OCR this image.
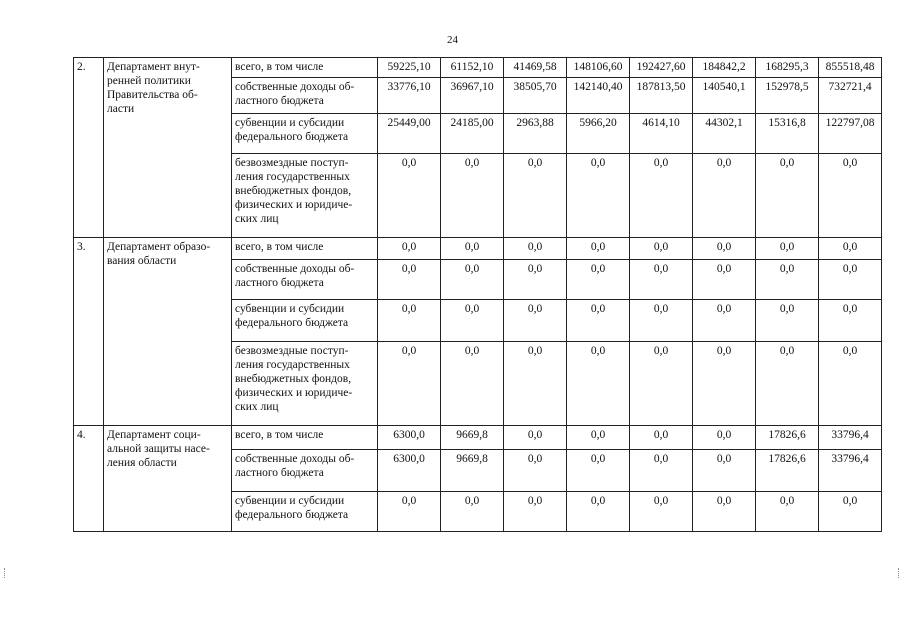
24
2.	Департамент внут-
ренней политики
Правительства об-
ласти	всего, в том числе	59225,10	61152,10	41469,58	148106,60	192427,60	184842,2	168295,3	855518,48
		собственные доходы об-
ластного бюджета	33776,10	36967,10	38505,70	142140,40	187813,50	140540,1	152978,5	732721,4
		субвенции и субсидии
федерального бюджета	25449,00	24185,00	2963,88	5966,20	4614,10	44302,1	15316,8	122797,08
		безвозмездные поступ-
ления государственных
внебюджетных фондов,
физических и юридиче-
ских лиц	0,0	0,0	0,0	0,0	0,0	0,0	0,0	0,0
3.	Департамент образо-
вания области	всего, в том числе	0,0	0,0	0,0	0,0	0,0	0,0	0,0	0,0
		собственные доходы об-
ластного бюджета	0,0	0,0	0,0	0,0	0,0	0,0	0,0	0,0
		субвенции и субсидии
федерального бюджета	0,0	0,0	0,0	0,0	0,0	0,0	0,0	0,0
		безвозмездные поступ-
ления государственных
внебюджетных фондов,
физических и юридиче-
ских лиц	0,0	0,0	0,0	0,0	0,0	0,0	0,0	0,0
4.	Департамент соци-
альной защиты насе-
ления области	всего, в том числе	6300,0	9669,8	0,0	0,0	0,0	0,0	17826,6	33796,4
		собственные доходы об-
ластного бюджета	6300,0	9669,8	0,0	0,0	0,0	0,0	17826,6	33796,4
		субвенции и субсидии
федерального бюджета	0,0	0,0	0,0	0,0	0,0	0,0	0,0	0,0
